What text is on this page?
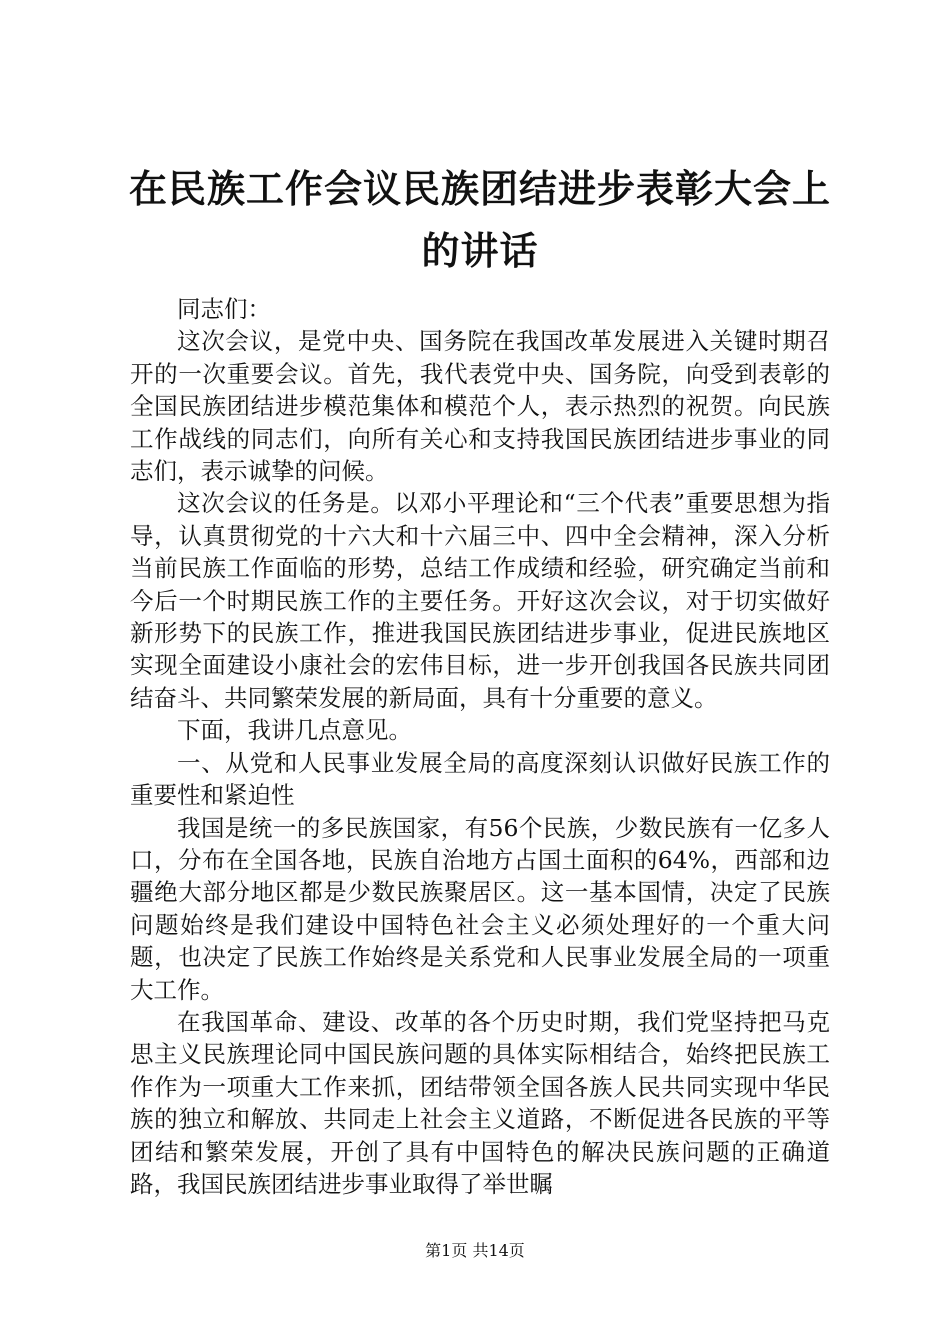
在民族工作会议民族团结进步表彰大会上的讲话

同志们：

这次会议，是党中央、国务院在我国改革发展进入关键时期召开的一次重要会议。首先，我代表党中央、国务院，向受到表彰的全国民族团结进步模范集体和模范个人，表示热烈的祝贺。向民族工作战线的同志们，向所有关心和支持我国民族团结进步事业的同志们，表示诚挚的问候。

这次会议的任务是。以邓小平理论和“三个代表”重要思想为指导，认真贯彻党的十六大和十六届三中、四中全会精神，深入分析当前民族工作面临的形势，总结工作成绩和经验，研究确定当前和今后一个时期民族工作的主要任务。开好这次会议，对于切实做好新形势下的民族工作，推进我国民族团结进步事业，促进民族地区实现全面建设小康社会的宏伟目标，进一步开创我国各民族共同团结奋斗、共同繁荣发展的新局面，具有十分重要的意义。

下面，我讲几点意见。

一、从党和人民事业发展全局的高度深刻认识做好民族工作的重要性和紧迫性

我国是统一的多民族国家，有56个民族，少数民族有一亿多人口，分布在全国各地，民族自治地方占国土面积的64%，西部和边疆绝大部分地区都是少数民族聚居区。这一基本国情，决定了民族问题始终是我们建设中国特色社会主义必须处理好的一个重大问题，也决定了民族工作始终是关系党和人民事业发展全局的一项重大工作。

在我国革命、建设、改革的各个历史时期，我们党坚持把马克思主义民族理论同中国民族问题的具体实际相结合，始终把民族工作作为一项重大工作来抓，团结带领全国各族人民共同实现中华民族的独立和解放、共同走上社会主义道路，不断促进各民族的平等团结和繁荣发展，开创了具有中国特色的解决民族问题的正确道路，我国民族团结进步事业取得了举世瞩

第1页 共14页
